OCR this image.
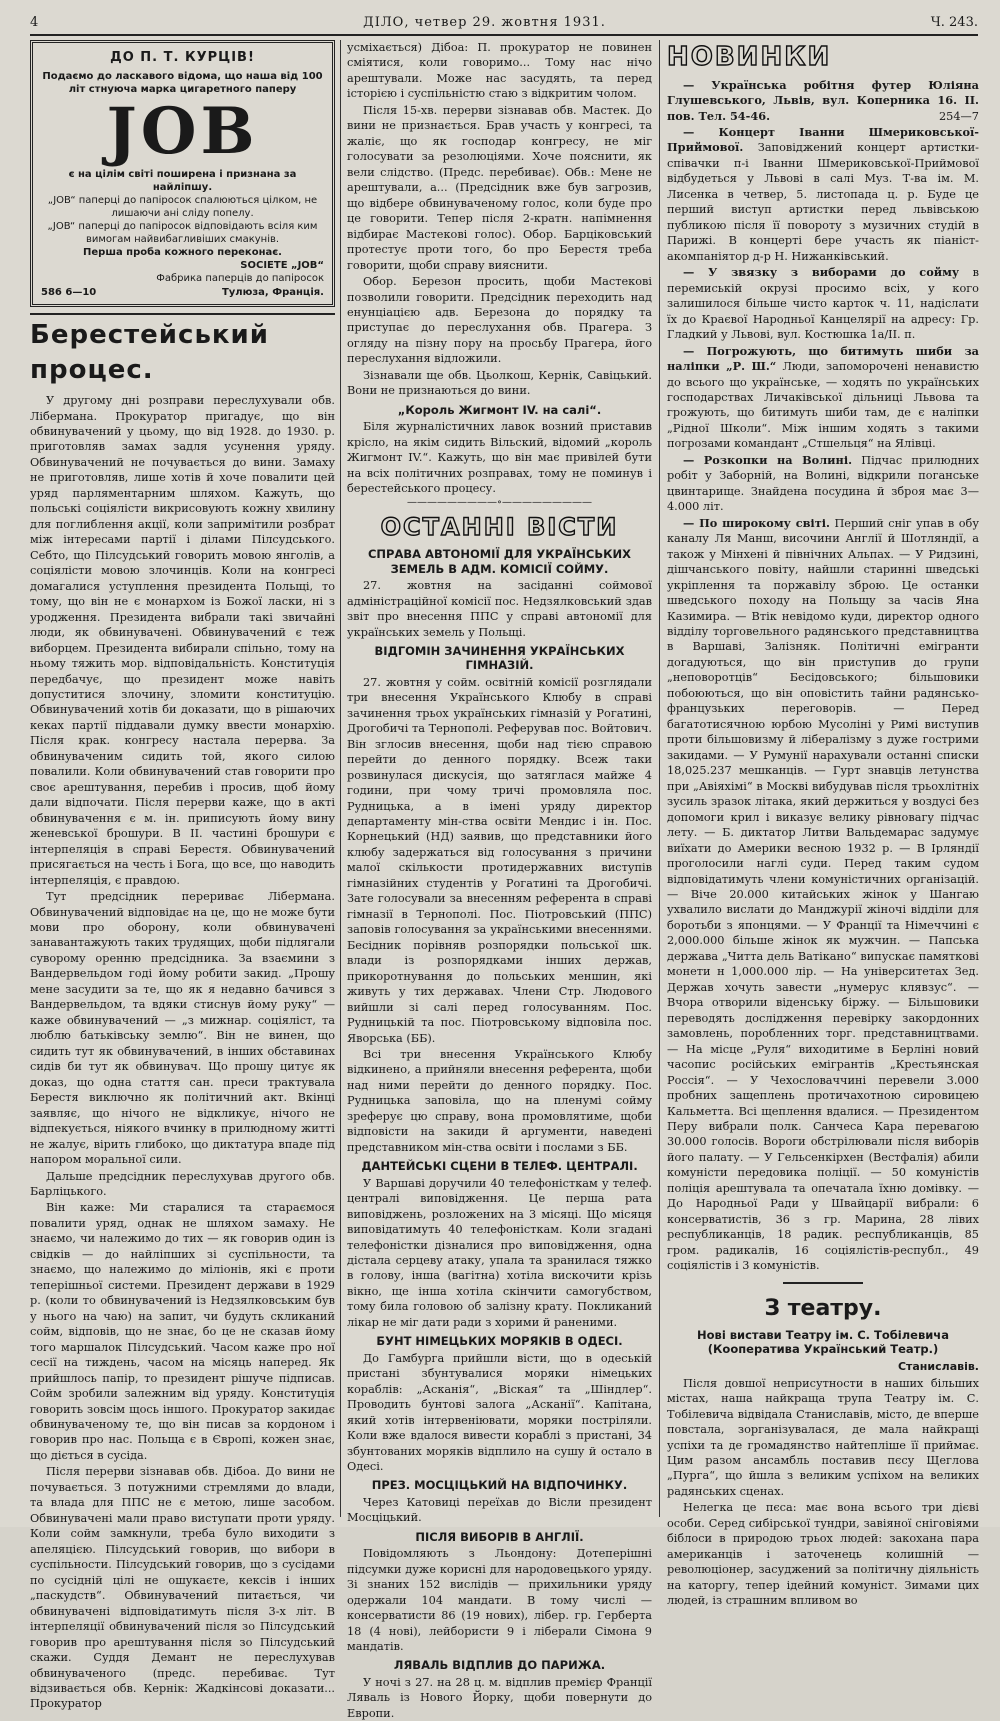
4	ДІЛО, четвер 29. жовтня 1931.	Ч. 243.
ДО П. Т. КУРЦІВ!
Подаємо до ласкавого відома, що наша від 100 літ стнуюча марка цигаретного паперу
JOB
є на цілім світі поширена і признана за найліпшу.
„JOB“ паперці до папіросок спалюються цілком, не лишаючи ані сліду попелу.
„JOB“ паперці до папіросок відповідають всіля ким вимогам найвибагливіших смакунів.
Перша проба кожного переконає.
SOCIETE „JOB“
Фабрика паперців до папіросок
586 6—10	Тулюза, Франція.
Берестейський процес.

У другому дні розправи переслухували обв. Лібермана. Прокуратор пригадує, що він обвинувачений у цьому, що від 1928. до 1930. р. приготовляв замах задля усунення уряду. Обвинувачений не почувається до вини. Замаху не приготовляв, лише хотів й хоче повалити цей уряд парляментарним шляхом. Кажуть, що польські соціялісти викрисовують кожну хвилину для поглиблення акції, коли запримітили розбрат між інтересами партії і ділами Пілсудського. Себто, що Пілсудський говорить мовою янголів, а соціялісти мовою злочинців. Коли на конгресі домагалися уступлення президента Польщі, то тому, що він не є монархом із Божої ласки, ні з уродження. Президента вибрали такі звичайні люди, як обвинувачені. Обвинувачений є теж виборцем. Президента вибирали спільно, тому на ньому тяжить мор. відповідальність. Конституція передбачує, що президент може навіть допуститися злочину, зломити конституцію. Обвинувачений хотів би доказати, що в рішаючих кеках партії піддавали думку ввести монархію. Після крак. конгресу настала перерва. За обвинуваченим сидить той, якого силою повалили. Коли обвинувачений став говорити про своє арештування, перебив і просив, щоб йому дали відпочати. Після перерви каже, що в акті обвинувачення є м. ін. приписують йому вину женевської брошури. В ІІ. частині брошури є інтерпеляція в справі Берестя. Обвинувачений присягається на честь і Бога, що все, що наводить інтерпеляція, є правдою.

Тут предсідник перериває Лібермана. Обвинувачений відповідає на це, що не може бути мови про оборону, коли обвинувачені занавантажують таких трудящих, щоби підлягали суворому оренню предсідника. За взаємини з Вандервельдом годі йому робити закид. „Прошу мене засудити за те, що як я недавно бачився з Вандервельдом, та вдяки стиснув йому руку“ — каже обвинувачений — „з мижнар. соціяліст, та люблю батьківську землю“. Він не винен, що сидить тут як обвинувачений, в інших обставинах сидів би тут як обвинувач. Що прошу цитує як доказ, що одна стаття сан. преси трактувала Берестя виключно як політичний акт. Вкінці заявляє, що нічого не відкликує, нічого не відпекується, ніякого вчинку в прилюдному житті не жалує, вірить глибоко, що диктатура впаде під напором моральної сили.

Дальше предсідник переслухував другого обв. Барліцького.

Він каже: Ми старалися та стараємося повалити уряд, однак не шляхом замаху. Не знаємо, чи належимо до тих — як говорив один із свідків — до найліпших зі суспільности, та знаємо, що належимо до міліонів, які є проти теперішньої системи. Президент держави в 1929 р. (коли то обвинувачений із Недзялковським був у нього на чаю) на запит, чи будуть скликаний сойм, відповів, що не знає, бо це не сказав йому того маршалок Пілсудський. Часом каже про ної сесії на тиждень, часом на місяць наперед. Як прийшлось папір, то президент рішуче підписав. Сойм зробили залежним від уряду. Конституція говорить зовсім щось іншого. Прокуратор закидає обвинуваченому те, що він писав за кордоном і говорив про нас. Польща є в Європі, кожен знає, що діється в сусіда.

Після перерви зізнавав обв. Дібоа. До вини не почувається. З потужними стремлями до влади, та влада для ППС не є метою, лише засобом. Обвинувачені мали право виступати проти уряду. Коли сойм замкнули, треба було виходити з апеляцією. Пілсудський говорив, що вибори в суспільности. Пілсудський говорив, що з сусідами по сусідній цілі не ошукаєте, кексів і інших „паскудств“. Обвинувачений питається, чи обвинувачені відповідатимуть після 3-х літ. В інтерпеляції обвинувачений після зо Пілсудський говорив про арештування після зо Пілсудський скажи. Суддя Демант не переслухував обвинуваченого (предс. перебиває. Тут відзивається обв. Кернік: Жадкінсові доказати... Прокуратор

усміхається) Дібоа: П. прокуратор не повинен сміятися, коли говоримо... Тому нас нічо арештували. Може нас засудять, та перед історією і суспільністю стаю з відкритим чолом.

Після 15-хв. перерви зізнавав обв. Мастек. До вини не признається. Брав участь у конгресі, та жаліє, що як господар конгресу, не міг голосувати за резолюціями. Хоче пояснити, як вели слідство. (Предс. перебиває). Обв.: Мене не арештували, а... (Предсідник вже був загрозив, що відбере обвинуваченому голос, коли буде про це говорити. Тепер після 2-кратн. напімнення відбирає Мастекові голос). Обор. Барціковський протестує проти того, бо про Берестя треба говорити, щоби справу вияснити.

Обор. Березон просить, щоби Мастекові позволили говорити. Предсідник переходить над енунціацією адв. Березона до порядку та приступає до переслухання обв. Прагера. З огляду на пізну пору на просьбу Прагера, його переслухання відложили.

Зізнавали ще обв. Цьолкош, Кернік, Савіцький. Вони не признаються до вини.

„Король Жигмонт IV. на салі“.

Біля журналістичних лавок возний приставив крісло, на якім сидить Вільский, відомий „король Жигмонт IV.“. Кажуть, що він має привілей бути на всіх політичних розправах, тому не поминув і берестейського процесу.

—————————∘—————————
ОСТАННІ ВІСТИ
СПРАВА АВТОНОМІЇ ДЛЯ УКРАЇНСЬКИХ ЗЕМЕЛЬ В АДМ. КОМІСІЇ СОЙМУ.

27. жовтня на засіданні соймової адміністраційної комісії пос. Недзялковський здав звіт про внесення ППС у справі автономії для українських земель у Польщі.

ВІДГОМІН ЗАЧИНЕННЯ УКРАЇНСЬКИХ ГІМНАЗІЙ.

27. жовтня у сойм. освітній комісії розглядали три внесення Українського Клюбу в справі зачинення трьох українських гімназій у Рогатині, Дрогобичі та Тернополі. Реферував пос. Войтович. Він зглосив внесення, щоби над тією справою перейти до денного порядку. Всеж таки розвинулася дискусія, що затяглася майже 4 години, при чому тричі промовляла пос. Рудницька, а в імені уряду директор департаменту мін-ства освіти Мендис і ін. Пос. Корнецький (НД) заявив, що представники його клюбу задержаться від голосування з причини малої скількости протидержавних виступів гімназійних студентів у Рогатині та Дрогобичі. Зате голосували за внесенням референта в справі гімназії в Тернополі. Пос. Піотровський (ППС) заповів голосування за українськими внесеннями. Бесідник порівняв розпорядки польської шк. влади із розпорядками інших держав, прикоротнування до польських меншин, які живуть у тих державах. Члени Стр. Людового вийшли зі салі перед голосуванням. Пос. Рудницькій та пос. Піотровському відповіла пос. Яворська (ББ).

Всі три внесення Українського Клюбу відкинено, а прийняли внесення референта, щоби над ними перейти до денного порядку. Пос. Рудницька заповіла, що на пленумі сойму зреферує цю справу, вона промовлятиме, щоби відповісти на закиди й аргументи, наведені представником мін-ства освіти і послами з ББ.

ДАНТЕЙСЬКІ СЦЕНИ В ТЕЛЕФ. ЦЕНТРАЛІ.

У Варшаві доручили 40 телефоністкам у телеф. централі виповідження. Це перша рата виповіджень, розложених на 3 місяці. Що місяця виповідатимуть 40 телефоністкам. Коли згадані телефоністки дізналися про виповідження, одна дістала серцеву атаку, упала та зранилася тяжко в голову, інша (вагітна) хотіла вискочити крізь вікно, ще інша хотіла скінчити самогубством, тому била головою об залізну крату. Покликаний лікар не міг дати ради з хорими й раненими.

БУНТ НІМЕЦЬКИХ МОРЯКІВ В ОДЕСІ.

До Гамбурга прийшли вісти, що в одеській пристані збунтувалися моряки німецьких кораблів: „Асканія“, „Віская“ та „Шіндлер“. Проводить бунтові залога „Асканії“. Капітана, який хотів інтервеніювати, моряки постріляли. Коли вже вдалося вивести кораблі з пристані, 34 збунтованих моряків відплило на сушу й остало в Одесі.

ПРЕЗ. МОСЦІЦЬКИЙ НА ВІДПОЧИНКУ.

Через Катовиці переїхав до Вісли президент Мосціцький.

ПІСЛЯ ВИБОРІВ В АНГЛІЇ.

Повідомляють з Льондону: Дотеперішні підсумки дуже корисні для народовецького уряду. Зі знаних 152 вислідів — прихильники уряду одержали 104 мандати. В тому числі — консерватисти 86 (19 нових), лібер. гр. Герберта 18 (4 нові), лейбористи 9 і ліберали Сімона 9 мандатів.

ЛЯВАЛЬ ВІДПЛИВ ДО ПАРИЖА.

У ночі з 27. на 28 ц. м. відплив премієр Франції Ляваль із Нового Йорку, щоби повернути до Европи.

НОВИНКИ

— Українська робітня футер Юліяна Глушевського, Львів, вул. Коперника 16. ІІ. пов. Тел. 54-46.	254—7

— Концерт Іванни Шмериковської-Приймової. Заповіджений концерт артистки-співачки п-і Іванни Шмериковської-Приймової відбудеться у Львові в салі Муз. Т-ва ім. М. Лисенка в четвер, 5. листопада ц. р. Буде це перший виступ артистки перед львівською публикою після її повороту з музичних студій в Парижі. В концерті бере участь як піаніст-акомпаніятор д-р Н. Нижанківський.

— У звязку з виборами до сойму в перемиській окрузі просимо всіх, у кого залишилося більше чисто карток ч. 11, надіслати їх до Краєвої Народньої Канцелярії на адресу: Гр. Гладкий у Львові, вул. Костюшка 1а/ІІ. п.

— Погрожують, що битимуть шиби за наліпки „Р. Ш.“ Люди, запоморочені ненавистю до всього що українське, — ходять по українських господарствах Личаківської дільниці Львова та грожують, що битимуть шиби там, де є наліпки „Рідної Школи“. Між іншим ходять з такими погрозами командант „Стшельця“ на Ялівці.

— Розкопки на Волині. Підчас прилюдних робіт у Заборній, на Волині, відкрили поганське цвинтарище. Знайдена посудина й зброя має 3—4.000 літ.

— По широкому світі. Перший сніг упав в обу каналу Ля Манш, височини Англії й Шотляндії, а також у Мінхені й північних Альпах. — У Ридзині, дішчанського повіту, найшли старинні шведські укріплення та поржавілу зброю. Це останки шведського походу на Польщу за часів Яна Казимира. — Втік невідомо куди, директор одного відділу торговельного радянського представництва в Варшаві, Залізняк. Політичні емігранти догадуються, що він приступив до групи „неповоротців“ Бесідовського; більшовики побоюються, що він оповістить тайни радянсько-французьких переговорів. — Перед багатотисячною юрбою Мусоліні у Римі виступив проти більшовизму й лібералізму з дуже гострими закидами. — У Румунії нарахували останні списки 18,025.237 мешканців. — Гурт знавців летунства при „Авіяхімі“ в Москві вибудував після трьохлітніх зусиль зразок літака, який держиться у воздусі без допомоги крил і виказує велику рівновагу підчас лету. — Б. диктатор Литви Вальдемарас задумує виїхати до Америки весною 1932 р. — В Ірляндії проголосили наглі суди. Перед таким судом відповідатимуть члени комуністичних організацій. — Віче 20.000 китайських жінок у Шангаю ухвалило вислати до Манджурії жіночі відділи для боротьби з японцями. — У Франції та Німеччині є 2,000.000 більше жінок як мужчин. — Папська держава „Читта дель Ватікано“ випускає памяткові монети н 1,000.000 лір. — На університетах Зед. Держав хочуть завести „нумерус клявзус“. — Вчора отворили віденську біржу. — Більшовики переводять дослідження перевірку закордонних замовлень, поробленних торг. представництвами. — На місце „Руля“ виходитиме в Берліні новий часопис російських емігрантів „Крестьянская Россія“. — У Чехословаччині перевели 3.000 пробних защеплень протичахотною сировицею Кальметта. Всі щеплення вдалися. — Президентом Перу вибрали полк. Санчеса Кара перевагою 30.000 голосів. Вороги обстрілювали після виборів його палату. — У Гельсенкірхен (Вестфалія) абили комуністи передовика поліції. — 50 комуністів поліція арештувала та опечатала їхню домівку. — До Народньої Ради у Швайцарії вибрали: 6 консерватистів, 36 з гр. Марина, 28 лівих республиканців, 18 радик. республиканців, 85 гром. радикалів, 16 соціялістів-республ., 49 соціялістів і 3 комуністів.

З театру.
Нові вистави Театру ім. С. Тобілевича (Кооператива Український Театр.)
Станиславів.

Після довшої неприсутности в наших більших містах, наша найкраща трупа Театру ім. С. Тобілевича відвідала Станиславів, місто, де вперше повстала, зорганізувалася, де мала найкращі успіхи та де громадянство найтепліше її приймає. Цим разом ансамбль поставив пєсу Щеглова „Пурга“, що йшла з великим успіхом на великих радянських сценах.

Нелегка це пєса: має вона всього три дієві особи. Серед сибірської тундри, завіяної сніговіями біблоси в природою трьох людей: закохана пара американців і заточенець колишній — революціонер, засуджений за політичну діяльність на каторгу, тепер ідейний комуніст. Зимами цих людей, із страшним впливом во
